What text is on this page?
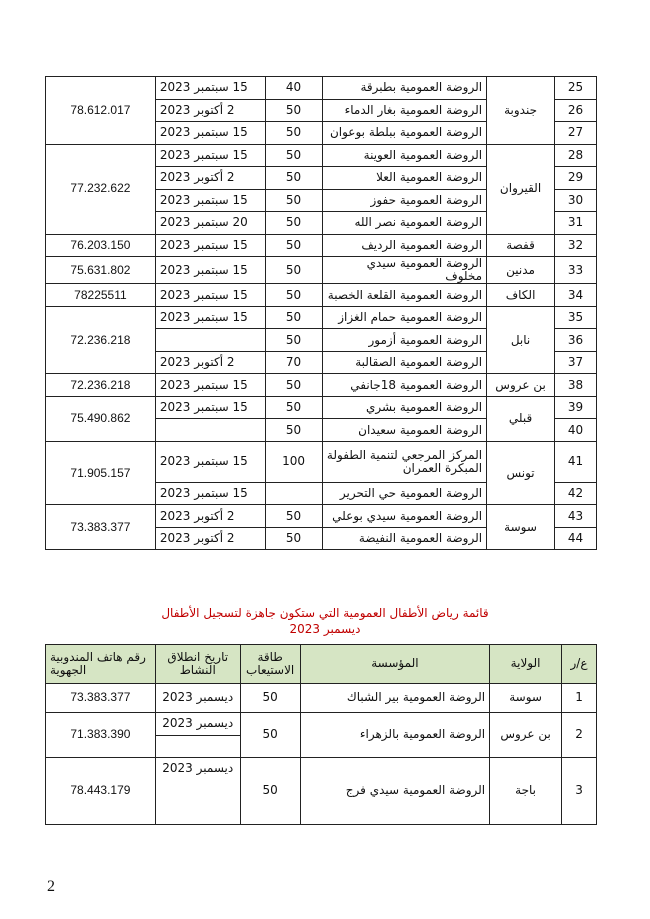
78.612.017	15 سبتمبر 2023	40	الروضة العمومية بطبرقة	جندوبة	25
	2 أكتوبر 2023	50	الروضة العمومية بغار الدماء		26
	15 سبتمبر 2023	50	الروضة العمومية ببلطة بوعوان		27
77.232.622	15 سبتمبر 2023	50	الروضة العمومية العوينة	القيروان	28
	2 أكتوبر 2023	50	الروضة العمومية العلا		29
	15 سبتمبر 2023	50	الروضة العمومية حفوز		30
	20 سبتمبر 2023	50	الروضة العمومية نصر الله		31
76.203.150	15 سبتمبر 2023	50	الروضة العمومية الرديف	قفصة	32
75.631.802	15 سبتمبر 2023	50	الروضة العمومية سيدي مخلوف	مدنين	33
78225511	15 سبتمبر 2023	50	الروضة العمومية القلعة الخصبة	الكاف	34
72.236.218	15 سبتمبر 2023	50	الروضة العمومية حمام الغزاز	نابل	35
		50	الروضة العمومية أزمور		36
	2 أكتوبر 2023	70	الروضة العمومية الصقالبة		37
72.236.218	15 سبتمبر 2023	50	الروضة العمومية 18جانفي	بن عروس	38
75.490.862	15 سبتمبر 2023	50	الروضة العمومية بشري	قبلي	39
		50	الروضة العمومية سعيدان		40
71.905.157	15 سبتمبر 2023	100	المركز المرجعي لتنمية الطفولة المبكرة العمران	تونس	41
	15 سبتمبر 2023		الروضة العمومية حي التحرير		42
73.383.377	2 أكتوبر 2023	50	الروضة العمومية سيدي بوعلي	سوسة	43
	2 أكتوبر 2023	50	الروضة العمومية النفيضة		44
قائمة رياض الأطفال العمومية التي ستكون جاهزة لتسجيل الأطفال
ديسمبر 2023
رقم هاتف المندوبية الجهوية	تاريخ انطلاق النشاط	طاقة الاستيعاب	المؤسسة	الولاية	ع/ر
73.383.377	ديسمبر 2023	50	الروضة العمومية بير الشباك	سوسة	1
71.383.390	ديسمبر 2023	50	الروضة العمومية بالزهراء	بن عروس	2

78.443.179	ديسمبر 2023	50	الروضة العمومية سيدي فرج	باجة	3
2
